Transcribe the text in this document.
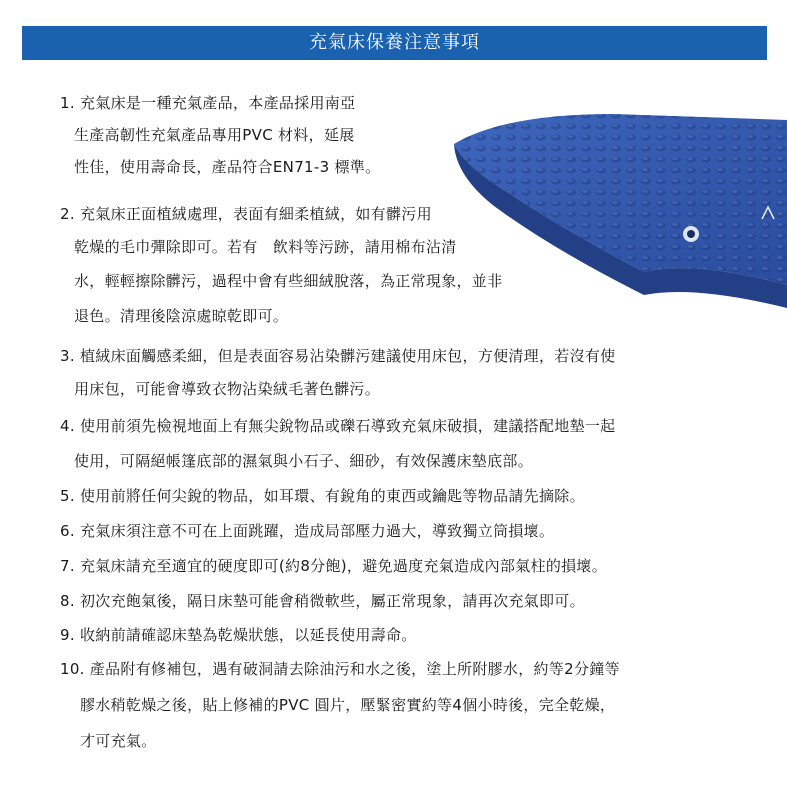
充氣床保養注意事項
1. 充氣床是一種充氣產品，本產品採用南亞
生產高韌性充氣產品專用PVC 材料，延展
性佳，使用壽命長，產品符合EN71-3 標準。
2. 充氣床正面植絨處理，表面有細柔植絨，如有髒污用
乾燥的毛巾彈除即可。若有　飲料等污跡，請用棉布沾清
水，輕輕擦除髒污，過程中會有些細絨脫落，為正常現象，並非
退色。清理後陰涼處晾乾即可。
3. 植絨床面觸感柔細，但是表面容易沾染髒污建議使用床包，方便清理，若沒有使
用床包，可能會導致衣物沾染絨毛著色髒污。
4. 使用前須先檢視地面上有無尖銳物品或礫石導致充氣床破損，建議搭配地墊一起
使用，可隔絕帳篷底部的濕氣與小石子、細砂，有效保護床墊底部。
5. 使用前將任何尖銳的物品，如耳環、有銳角的東西或鑰匙等物品請先摘除。
6. 充氣床須注意不可在上面跳躍，造成局部壓力過大，導致獨立筒損壞。
7. 充氣床請充至適宜的硬度即可(約8分飽)，避免過度充氣造成內部氣柱的損壞。
8. 初次充飽氣後，隔日床墊可能會稍微軟些，屬正常現象，請再次充氣即可。
9. 收納前請確認床墊為乾燥狀態，以延長使用壽命。
10. 產品附有修補包，遇有破洞請去除油污和水之後，塗上所附膠水，約等2分鐘等
膠水稍乾燥之後，貼上修補的PVC 圓片，壓緊密實約等4個小時後，完全乾燥，
才可充氣。
